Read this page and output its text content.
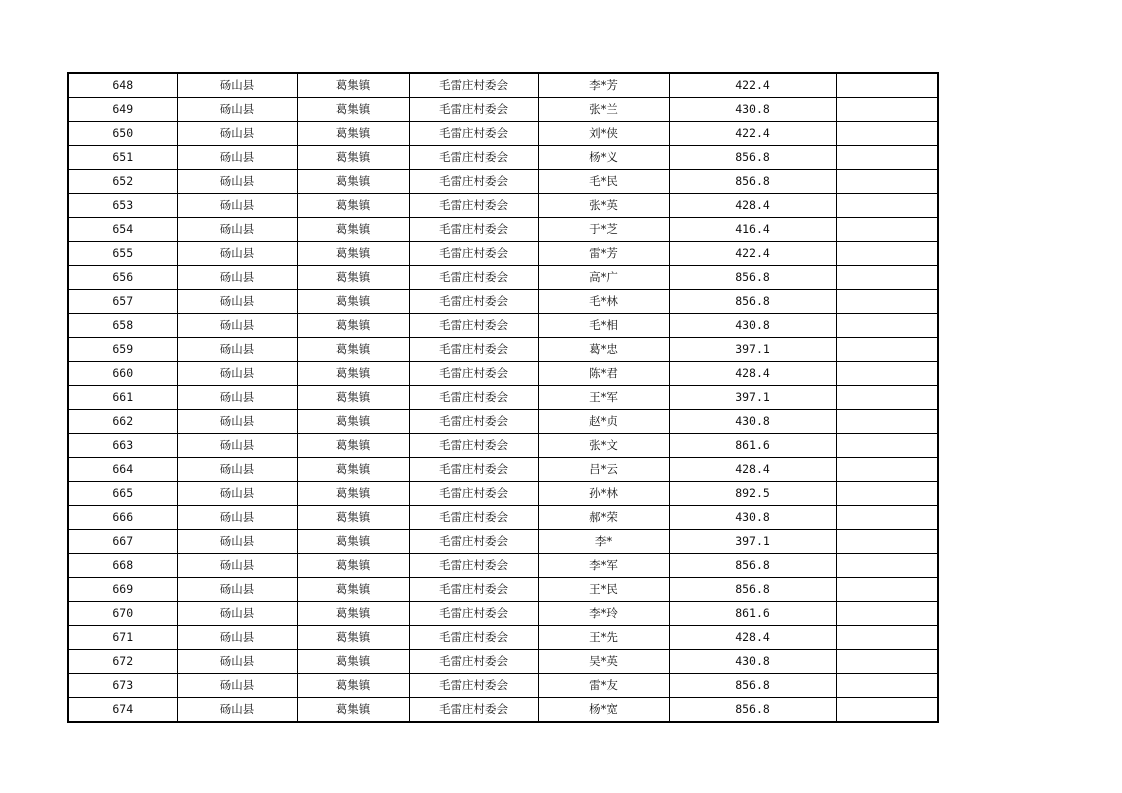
648	砀山县	葛集镇	毛雷庄村委会	李*芳	422.4	
649	砀山县	葛集镇	毛雷庄村委会	张*兰	430.8	
650	砀山县	葛集镇	毛雷庄村委会	刘*侠	422.4	
651	砀山县	葛集镇	毛雷庄村委会	杨*义	856.8	
652	砀山县	葛集镇	毛雷庄村委会	毛*民	856.8	
653	砀山县	葛集镇	毛雷庄村委会	张*英	428.4	
654	砀山县	葛集镇	毛雷庄村委会	于*芝	416.4	
655	砀山县	葛集镇	毛雷庄村委会	雷*芳	422.4	
656	砀山县	葛集镇	毛雷庄村委会	高*广	856.8	
657	砀山县	葛集镇	毛雷庄村委会	毛*林	856.8	
658	砀山县	葛集镇	毛雷庄村委会	毛*相	430.8	
659	砀山县	葛集镇	毛雷庄村委会	葛*忠	397.1	
660	砀山县	葛集镇	毛雷庄村委会	陈*君	428.4	
661	砀山县	葛集镇	毛雷庄村委会	王*军	397.1	
662	砀山县	葛集镇	毛雷庄村委会	赵*贞	430.8	
663	砀山县	葛集镇	毛雷庄村委会	张*文	861.6	
664	砀山县	葛集镇	毛雷庄村委会	吕*云	428.4	
665	砀山县	葛集镇	毛雷庄村委会	孙*林	892.5	
666	砀山县	葛集镇	毛雷庄村委会	郝*荣	430.8	
667	砀山县	葛集镇	毛雷庄村委会	李*	397.1	
668	砀山县	葛集镇	毛雷庄村委会	李*军	856.8	
669	砀山县	葛集镇	毛雷庄村委会	王*民	856.8	
670	砀山县	葛集镇	毛雷庄村委会	李*玲	861.6	
671	砀山县	葛集镇	毛雷庄村委会	王*先	428.4	
672	砀山县	葛集镇	毛雷庄村委会	吴*英	430.8	
673	砀山县	葛集镇	毛雷庄村委会	雷*友	856.8	
674	砀山县	葛集镇	毛雷庄村委会	杨*宽	856.8	
